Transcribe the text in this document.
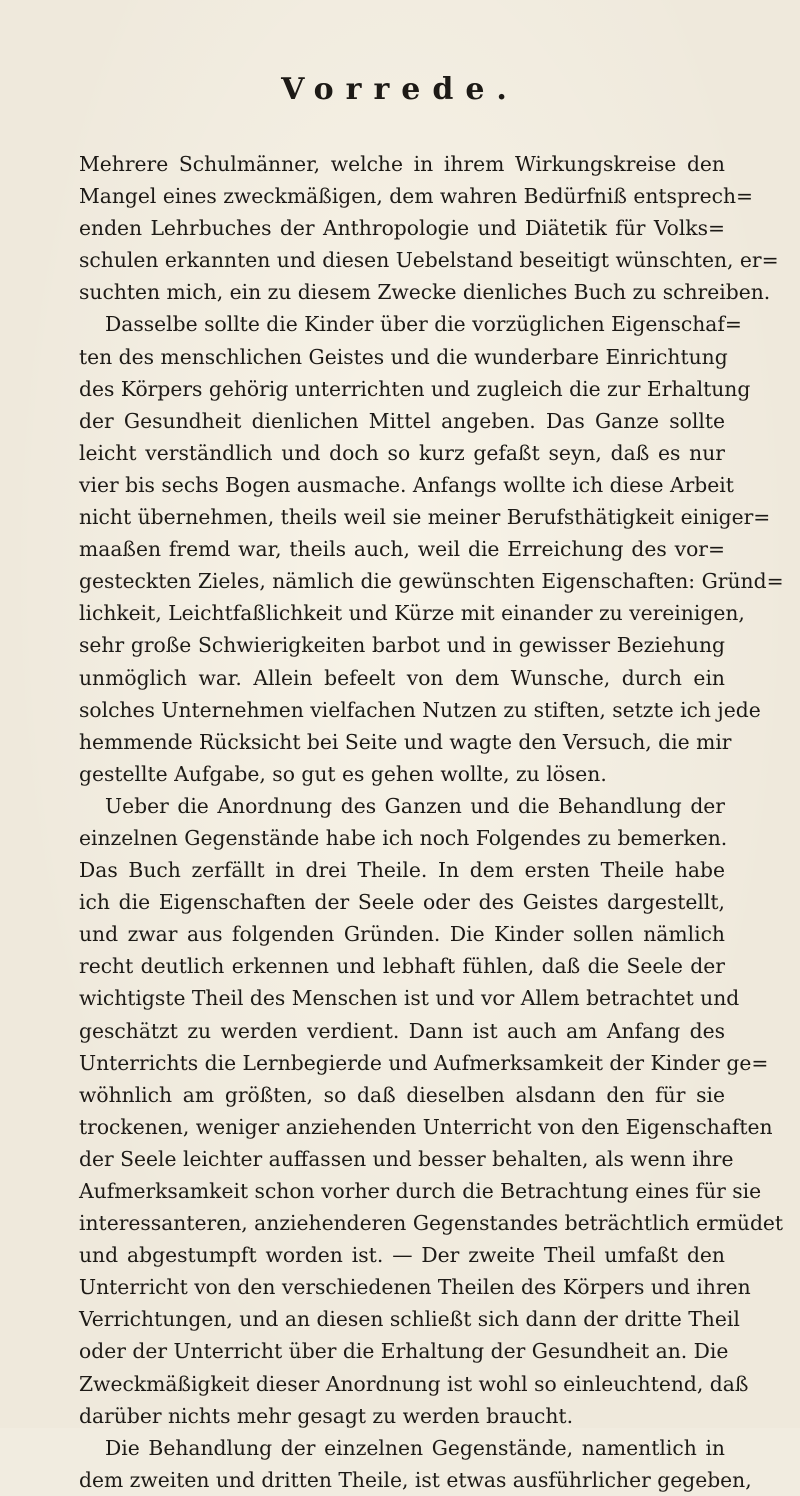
Vorrede.
Mehrere Schulmänner, welche in ihrem Wirkungskreise den
Mangel eines zweckmäßigen, dem wahren Bedürfniß entsprech=
enden Lehrbuches der Anthropologie und Diätetik für Volks=
schulen erkannten und diesen Uebelstand beseitigt wünschten, er=
suchten mich, ein zu diesem Zwecke dienliches Buch zu schreiben.
Dasselbe sollte die Kinder über die vorzüglichen Eigenschaf=
ten des menschlichen Geistes und die wunderbare Einrichtung
des Körpers gehörig unterrichten und zugleich die zur Erhaltung
der Gesundheit dienlichen Mittel angeben. Das Ganze sollte
leicht verständlich und doch so kurz gefaßt seyn, daß es nur
vier bis sechs Bogen ausmache. Anfangs wollte ich diese Arbeit
nicht übernehmen, theils weil sie meiner Berufsthätigkeit einiger=
maaßen fremd war, theils auch, weil die Erreichung des vor=
gesteckten Zieles, nämlich die gewünschten Eigenschaften: Gründ=
lichkeit, Leichtfaßlichkeit und Kürze mit einander zu vereinigen,
sehr große Schwierigkeiten barbot und in gewisser Beziehung
unmöglich war. Allein befeelt von dem Wunsche, durch ein
solches Unternehmen vielfachen Nutzen zu stiften, setzte ich jede
hemmende Rücksicht bei Seite und wagte den Versuch, die mir
gestellte Aufgabe, so gut es gehen wollte, zu lösen.
Ueber die Anordnung des Ganzen und die Behandlung der
einzelnen Gegenstände habe ich noch Folgendes zu bemerken.
Das Buch zerfällt in drei Theile. In dem ersten Theile habe
ich die Eigenschaften der Seele oder des Geistes dargestellt,
und zwar aus folgenden Gründen. Die Kinder sollen nämlich
recht deutlich erkennen und lebhaft fühlen, daß die Seele der
wichtigste Theil des Menschen ist und vor Allem betrachtet und
geschätzt zu werden verdient. Dann ist auch am Anfang des
Unterrichts die Lernbegierde und Aufmerksamkeit der Kinder ge=
wöhnlich am größten, so daß dieselben alsdann den für sie
trockenen, weniger anziehenden Unterricht von den Eigenschaften
der Seele leichter auffassen und besser behalten, als wenn ihre
Aufmerksamkeit schon vorher durch die Betrachtung eines für sie
interessanteren, anziehenderen Gegenstandes beträchtlich ermüdet
und abgestumpft worden ist. — Der zweite Theil umfaßt den
Unterricht von den verschiedenen Theilen des Körpers und ihren
Verrichtungen, und an diesen schließt sich dann der dritte Theil
oder der Unterricht über die Erhaltung der Gesundheit an. Die
Zweckmäßigkeit dieser Anordnung ist wohl so einleuchtend, daß
darüber nichts mehr gesagt zu werden braucht.
Die Behandlung der einzelnen Gegenstände, namentlich in
dem zweiten und dritten Theile, ist etwas ausführlicher gegeben,
